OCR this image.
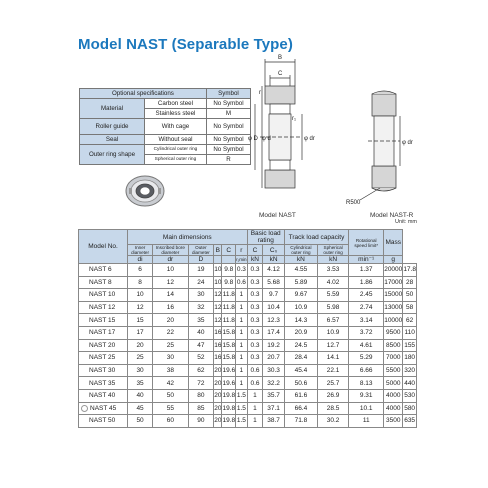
Model NAST (Separable Type)
Optional specifications		Symbol
Material	Carbon steel	No Symbol
	Stainless steel	M
Roller guide	With cage	No Symbol
Seal	Without seal	No Symbol
Outer ring shape	Cylindrical outer ring	No Symbol
	Spherical outer ring	R
B
C
r
r₁
φ D φ d	φ dr
φ dr
R500
Model NAST	Model NAST-R
Unit: mm
Model No.	Main dimensions						Basic load rating		Track load capacity		Rotational speed limit*	Mass	
	Inner diameter	Inscribed bore diameter	Outer diameter	B	C	r	C	C₀	Cylindrical outer ring	Spherical outer ring			
	di	dr	D			r₁min	kN	kN	kN	kN	min⁻¹	g	
NAST 6	6	10	19	10	9.8	0.3	0.3	4.12	4.55	3.53	1.37	20000	17.8
NAST 8	8	12	24	10	9.8	0.6	0.3	5.68	5.89	4.02	1.86	17000	28
NAST 10	10	14	30	12	11.8	1	0.3	9.7	9.67	5.59	2.45	15000	50
NAST 12	12	16	32	12	11.8	1	0.3	10.4	10.9	5.98	2.74	13000	58
NAST 15	15	20	35	12	11.8	1	0.3	12.3	14.3	6.57	3.14	10000	62
NAST 17	17	22	40	16	15.8	1	0.3	17.4	20.9	10.9	3.72	9500	110
NAST 20	20	25	47	16	15.8	1	0.3	19.2	24.5	12.7	4.61	8500	155
NAST 25	25	30	52	16	15.8	1	0.3	20.7	28.4	14.1	5.29	7000	180
NAST 30	30	38	62	20	19.6	1	0.6	30.3	45.4	22.1	6.66	5500	320
NAST 35	35	42	72	20	19.6	1	0.6	32.2	50.6	25.7	8.13	5000	440
NAST 40	40	50	80	20	19.8	1.5	1	35.7	61.6	26.9	9.31	4000	530
NAST 45	45	55	85	20	19.8	1.5	1	37.1	66.4	28.5	10.1	4000	580
NAST 50	50	60	90	20	19.8	1.5	1	38.7	71.8	30.2	11	3500	635
